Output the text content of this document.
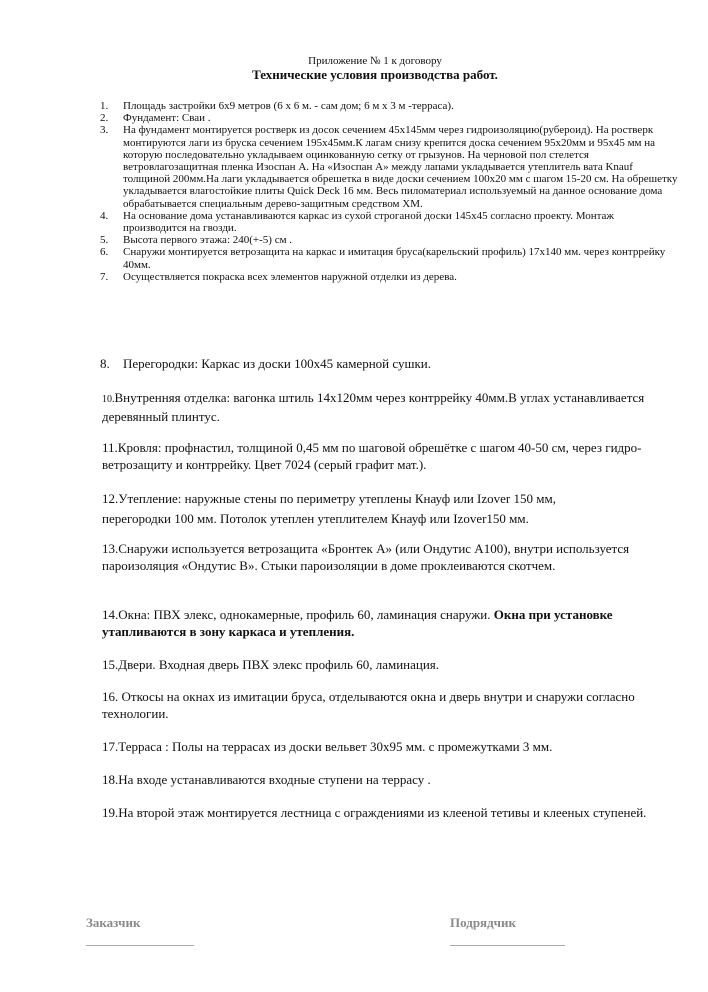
Приложение № 1 к договору
Технические условия производства работ.
1. Площадь застройки 6х9 метров (6 х 6 м. - сам дом; 6 м х 3 м -терраса).
2. Фундамент: Сваи .
3. На фундамент монтируется ростверк из досок сечением 45х145мм через гидроизоляцию(рубероид). На ростверк монтируются лаги из бруска сечением 195х45мм.К лагам снизу крепится доска сечением 95х20мм и 95х45 мм на которую последовательно укладываем оцинкованную сетку от грызунов. На черновой пол стелется ветровлагозащитная пленка Изоспан А. На «Изоспан А» между лапами укладывается утеплитель вата Knauf толщиной 200мм.На лаги укладывается обрешетка в виде доски сечением 100х20 мм с шагом 15-20 см. На обрешетку укладывается влагостойкие плиты Quick Deck 16 мм. Весь пиломатериал используемый на данное основание дома обрабатывается специальным дерево-защитным средством ХМ.
4. На основание дома устанавливаются каркас из сухой строганой доски 145х45 согласно проекту. Монтаж производится на гвозди.
5. Высота первого этажа: 240(+-5) см .
6. Снаружи монтируется ветрозащита на каркас и имитация бруса(карельский профиль) 17х140 мм. через контррейку 40мм.
7. Осуществляется покраска всех элементов наружной отделки из дерева.
8. Перегородки: Каркас из доски 100х45 камерной сушки.

10.Внутренняя отделка: вагонка штиль 14х120мм через контррейку 40мм.В углах устанавливается деревянный плинтус.

11.Кровля: профнастил, толщиной 0,45 мм по шаговой обрешётке с шагом 40-50 см, через гидро-ветрозащиту и контррейку. Цвет 7024 (серый графит мат.).

12.Утепление: наружные стены по периметру утеплены Кнауф или Izover 150 мм,
перегородки 100 мм. Потолок утеплен утеплителем Кнауф или Izover150 мм.

13.Снаружи используется ветрозащита «Бронтек А» (или Ондутис А100), внутри используется пароизоляция «Ондутис В». Стыки пароизоляции в доме проклеиваются скотчем.

14.Окна: ПВХ элекс, однокамерные, профиль 60, ламинация снаружи. Окна при установке утапливаются в зону каркаса и утепления.

15.Двери. Входная дверь ПВХ элекс профиль 60, ламинация.

16. Откосы на окнах из имитации бруса, отделываются окна и дверь внутри и снаружи согласно технологии.

17.Терраса : Полы на террасах из доски вельвет 30х95 мм. с промежутками 3 мм.

18.На входе устанавливаются входные ступени на террасу .

19.На второй этаж монтируется лестница с ограждениями из клееной тетивы и клееных ступеней.

Заказчик	Подрядчик
